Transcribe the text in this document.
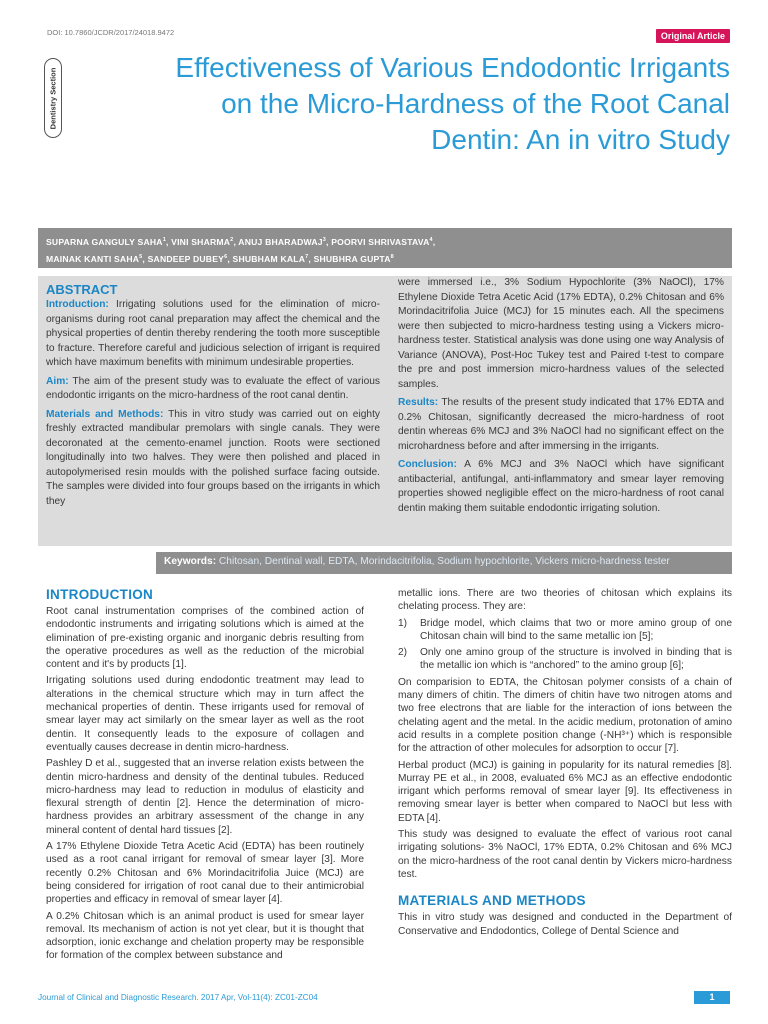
DOI: 10.7860/JCDR/2017/24018.9472	Original Article
Dentistry Section	Effectiveness of Various Endodontic Irrigants on the Micro-Hardness of the Root Canal Dentin: An in vitro Study
SUPARNA GANGULY SAHA$^1$, VINI SHARMA$^2$, ANUJ BHARADWAJ$^3$, POORVI SHRIVASTAVA$^4$,
MAINAK KANTI SAHA$^5$, SANDEEP DUBEY$^6$, SHUBHAM KALA$^7$, SHUBHRA GUPTA$^8$
ABSTRACT

Introduction: Irrigating solutions used for the elimination of micro-organisms during root canal preparation may affect the chemical and the physical properties of dentin thereby rendering the tooth more susceptible to fracture. Therefore careful and judicious selection of irrigant is required which have maximum benefits with minimum undesirable properties.

Aim: The aim of the present study was to evaluate the effect of various endodontic irrigants on the micro-hardness of the root canal dentin.

Materials and Methods: This in vitro study was carried out on eighty freshly extracted mandibular premolars with single canals. They were decoronated at the cemento-enamel junction. Roots were sectioned longitudinally into two halves. They were then polished and placed in autopolymerised resin moulds with the polished surface facing outside. The samples were divided into four groups based on the irrigants in which they

were immersed i.e., 3% Sodium Hypochlorite (3% NaOCl), 17% Ethylene Dioxide Tetra Acetic Acid (17% EDTA), 0.2% Chitosan and 6% Morindacitrifolia Juice (MCJ) for 15 minutes each. All the specimens were then subjected to micro-hardness testing using a Vickers micro-hardness tester. Statistical analysis was done using one way Analysis of Variance (ANOVA), Post-Hoc Tukey test and Paired t-test to compare the pre and post immersion micro-hardness values of the selected samples.

Results: The results of the present study indicated that 17% EDTA and 0.2% Chitosan, significantly decreased the micro-hardness of root dentin whereas 6% MCJ and 3% NaOCl had no significant effect on the microhardness before and after immersing in the irrigants.

Conclusion: A 6% MCJ and 3% NaOCl which have significant antibacterial, antifungal, anti-inflammatory and smear layer removing properties showed negligible effect on the micro-hardness of root canal dentin making them suitable endodontic irrigating solution.

Keywords: Chitosan, Dentinal wall, EDTA, Morindacitrifolia, Sodium hypochlorite, Vickers micro-hardness tester
INTRODUCTION

Root canal instrumentation comprises of the combined action of endodontic instruments and irrigating solutions which is aimed at the elimination of pre-existing organic and inorganic debris resulting from the operative procedures as well as the reduction of the microbial content and it's by products [1].

Irrigating solutions used during endodontic treatment may lead to alterations in the chemical structure which may in turn affect the mechanical properties of dentin. These irrigants used for removal of smear layer may act similarly on the smear layer as well as the root dentin. It consequently leads to the exposure of collagen and eventually causes decrease in dentin micro-hardness.

Pashley D et al., suggested that an inverse relation exists between the dentin micro-hardness and density of the dentinal tubules. Reduced micro-hardness may lead to reduction in modulus of elasticity and flexural strength of dentin [2]. Hence the determination of micro-hardness provides an arbitrary assessment of the change in any mineral content of dental hard tissues [2].

A 17% Ethylene Dioxide Tetra Acetic Acid (EDTA) has been routinely used as a root canal irrigant for removal of smear layer [3]. More recently 0.2% Chitosan and 6% Morindacitrifolia Juice (MCJ) are being considered for irrigation of root canal due to their antimicrobial properties and efficacy in removal of smear layer [4].

A 0.2% Chitosan which is an animal product is used for smear layer removal. Its mechanism of action is not yet clear, but it is thought that adsorption, ionic exchange and chelation property may be responsible for formation of the complex between substance and

metallic ions. There are two theories of chitosan which explains its chelating process. They are:

1)	Bridge model, which claims that two or more amino group of one Chitosan chain will bind to the same metallic ion [5];
2)	Only one amino group of the structure is involved in binding that is the metallic ion which is “anchored” to the amino group [6];

On comparision to EDTA, the Chitosan polymer consists of a chain of many dimers of chitin. The dimers of chitin have two nitrogen atoms and two free electrons that are liable for the interaction of ions between the chelating agent and the metal. In the acidic medium, protonation of amino acid results in a complete position change (-NH³⁺) which is responsible for the attraction of other molecules for adsorption to occur [7].

Herbal product (MCJ) is gaining in popularity for its natural remedies [8]. Murray PE et al., in 2008, evaluated 6% MCJ as an effective endodontic irrigant which performs removal of smear layer [9]. Its effectiveness in removing smear layer is better when compared to NaOCl but less with EDTA [4].

This study was designed to evaluate the effect of various root canal irrigating solutions- 3% NaOCl, 17% EDTA, 0.2% Chitosan and 6% MCJ on the micro-hardness of the root canal dentin by Vickers micro-hardness test.

MATERIALS AND METHODS

This in vitro study was designed and conducted in the Department of Conservative and Endodontics, College of Dental Science and

Journal of Clinical and Diagnostic Research. 2017 Apr, Vol-11(4): ZC01-ZC04	1
